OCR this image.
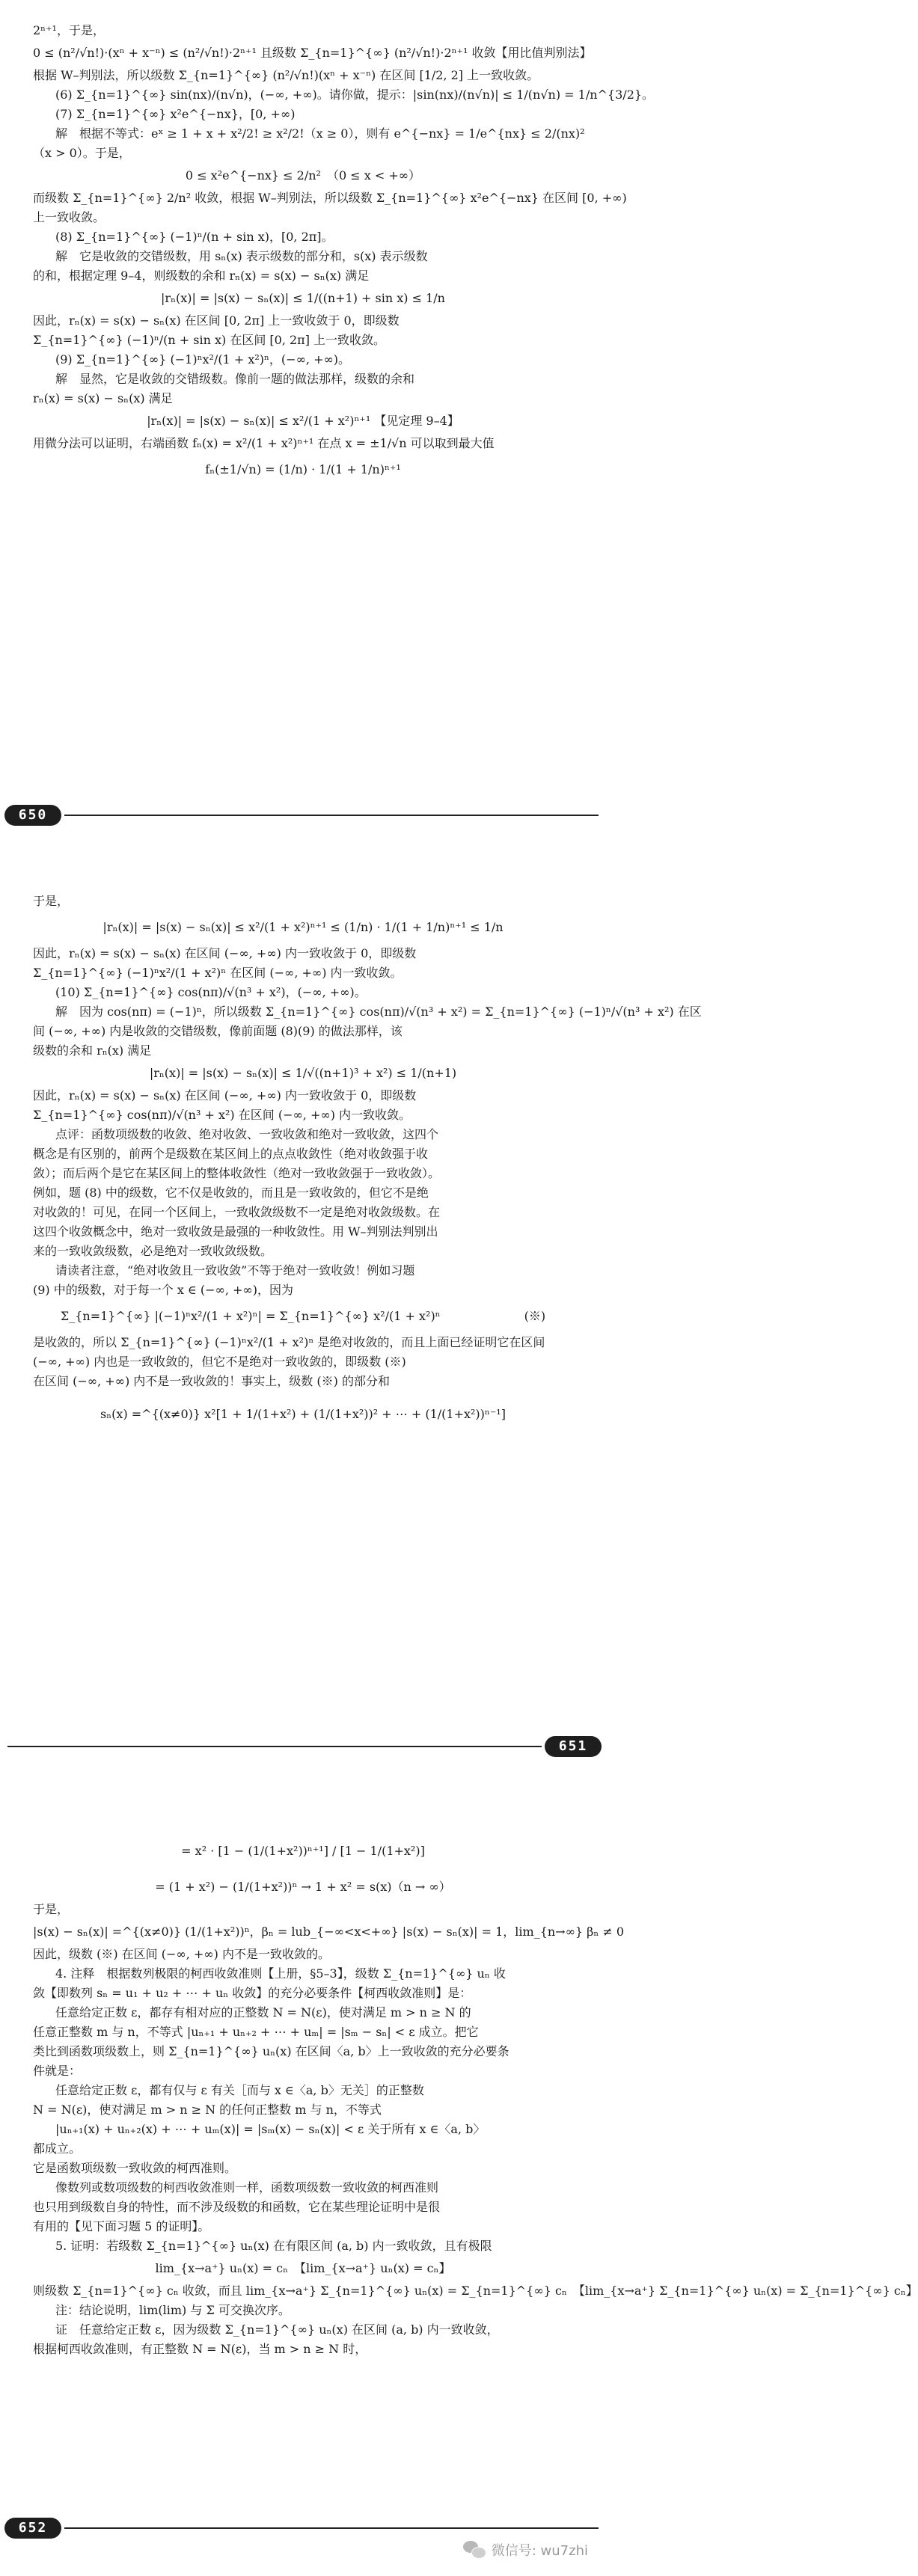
2ⁿ⁺¹，于是，
0 ≤ (n²/√n!)·(xⁿ + x⁻ⁿ) ≤ (n²/√n!)·2ⁿ⁺¹ 且级数 Σ_{n=1}^{∞} (n²/√n!)·2ⁿ⁺¹ 收敛【用比值判别法】
根据 W–判别法，所以级数 Σ_{n=1}^{∞} (n²/√n!)(xⁿ + x⁻ⁿ) 在区间 [1/2, 2] 上一致收敛。
(6) Σ_{n=1}^{∞} sin(nx)/(n√n)，(−∞, +∞)。请你做，提示：|sin(nx)/(n√n)| ≤ 1/(n√n) = 1/n^{3/2}。
(7) Σ_{n=1}^{∞} x²e^{−nx}，[0, +∞)
解　根据不等式：eˣ ≥ 1 + x + x²/2! ≥ x²/2!（x ≥ 0），则有 e^{−nx} = 1/e^{nx} ≤ 2/(nx)²
（x > 0）。于是，
0 ≤ x²e^{−nx} ≤ 2/n²　（0 ≤ x < +∞）
而级数 Σ_{n=1}^{∞} 2/n² 收敛，根据 W–判别法，所以级数 Σ_{n=1}^{∞} x²e^{−nx} 在区间 [0, +∞)
上一致收敛。
(8) Σ_{n=1}^{∞} (−1)ⁿ/(n + sin x)，[0, 2π]。
解　它是收敛的交错级数，用 sₙ(x) 表示级数的部分和，s(x) 表示级数
的和，根据定理 9–4，则级数的余和 rₙ(x) = s(x) − sₙ(x) 满足
|rₙ(x)| = |s(x) − sₙ(x)| ≤ 1/((n+1) + sin x) ≤ 1/n
因此，rₙ(x) = s(x) − sₙ(x) 在区间 [0, 2π] 上一致收敛于 0，即级数
Σ_{n=1}^{∞} (−1)ⁿ/(n + sin x) 在区间 [0, 2π] 上一致收敛。
(9) Σ_{n=1}^{∞} (−1)ⁿx²/(1 + x²)ⁿ，(−∞, +∞)。
解　显然，它是收敛的交错级数。像前一题的做法那样，级数的余和
rₙ(x) = s(x) − sₙ(x) 满足
|rₙ(x)| = |s(x) − sₙ(x)| ≤ x²/(1 + x²)ⁿ⁺¹ 【见定理 9–4】
用微分法可以证明，右端函数 fₙ(x) = x²/(1 + x²)ⁿ⁺¹ 在点 x = ±1/√n 可以取到最大值
fₙ(±1/√n) = (1/n) · 1/(1 + 1/n)ⁿ⁺¹
650
于是，
|rₙ(x)| = |s(x) − sₙ(x)| ≤ x²/(1 + x²)ⁿ⁺¹ ≤ (1/n) · 1/(1 + 1/n)ⁿ⁺¹ ≤ 1/n
因此，rₙ(x) = s(x) − sₙ(x) 在区间 (−∞, +∞) 内一致收敛于 0，即级数
Σ_{n=1}^{∞} (−1)ⁿx²/(1 + x²)ⁿ 在区间 (−∞, +∞) 内一致收敛。
(10) Σ_{n=1}^{∞} cos(nπ)/√(n³ + x²)，(−∞, +∞)。
解　因为 cos(nπ) = (−1)ⁿ，所以级数 Σ_{n=1}^{∞} cos(nπ)/√(n³ + x²) = Σ_{n=1}^{∞} (−1)ⁿ/√(n³ + x²) 在区
间 (−∞, +∞) 内是收敛的交错级数，像前面题 (8)(9) 的做法那样，该
级数的余和 rₙ(x) 满足
|rₙ(x)| = |s(x) − sₙ(x)| ≤ 1/√((n+1)³ + x²) ≤ 1/(n+1)
因此，rₙ(x) = s(x) − sₙ(x) 在区间 (−∞, +∞) 内一致收敛于 0，即级数
Σ_{n=1}^{∞} cos(nπ)/√(n³ + x²) 在区间 (−∞, +∞) 内一致收敛。
点评：函数项级数的收敛、绝对收敛、一致收敛和绝对一致收敛，这四个
概念是有区别的，前两个是级数在某区间上的点点收敛性（绝对收敛强于收
敛）；而后两个是它在某区间上的整体收敛性（绝对一致收敛强于一致收敛）。
例如，题 (8) 中的级数，它不仅是收敛的，而且是一致收敛的，但它不是绝
对收敛的！可见，在同一个区间上，一致收敛级数不一定是绝对收敛级数。在
这四个收敛概念中，绝对一致收敛是最强的一种收敛性。用 W–判别法判别出
来的一致收敛级数，必是绝对一致收敛级数。
请读者注意，“绝对收敛且一致收敛”不等于绝对一致收敛！例如习题
(9) 中的级数，对于每一个 x ∈ (−∞, +∞)，因为
Σ_{n=1}^{∞} |(−1)ⁿx²/(1 + x²)ⁿ| = Σ_{n=1}^{∞} x²/(1 + x²)ⁿ　　　　　　　(※)
是收敛的，所以 Σ_{n=1}^{∞} (−1)ⁿx²/(1 + x²)ⁿ 是绝对收敛的，而且上面已经证明它在区间
(−∞, +∞) 内也是一致收敛的，但它不是绝对一致收敛的，即级数 (※)
在区间 (−∞, +∞) 内不是一致收敛的！事实上，级数 (※) 的部分和
sₙ(x) =^{(x≠0)} x²[1 + 1/(1+x²) + (1/(1+x²))² + ⋯ + (1/(1+x²))ⁿ⁻¹]
651
= x² · [1 − (1/(1+x²))ⁿ⁺¹] / [1 − 1/(1+x²)]
= (1 + x²) − (1/(1+x²))ⁿ → 1 + x² = s(x)（n → ∞）
于是，
|s(x) − sₙ(x)| =^{(x≠0)} (1/(1+x²))ⁿ，βₙ = lub_{−∞<x<+∞} |s(x) − sₙ(x)| = 1，lim_{n→∞} βₙ ≠ 0
因此，级数 (※) 在区间 (−∞, +∞) 内不是一致收敛的。
4. 注释　根据数列极限的柯西收敛准则【上册，§5–3】，级数 Σ_{n=1}^{∞} uₙ 收
敛【即数列 sₙ = u₁ + u₂ + ⋯ + uₙ 收敛】的充分必要条件【柯西收敛准则】是：
任意给定正数 ε，都存有相对应的正整数 N = N(ε)，使对满足 m > n ≥ N 的
任意正整数 m 与 n，不等式 |uₙ₊₁ + uₙ₊₂ + ⋯ + uₘ| = |sₘ − sₙ| < ε 成立。把它
类比到函数项级数上，则 Σ_{n=1}^{∞} uₙ(x) 在区间〈a, b〉上一致收敛的充分必要条
件就是：
任意给定正数 ε，都有仅与 ε 有关［而与 x ∈〈a, b〉无关］的正整数
N = N(ε)，使对满足 m > n ≥ N 的任何正整数 m 与 n，不等式
|uₙ₊₁(x) + uₙ₊₂(x) + ⋯ + uₘ(x)| = |sₘ(x) − sₙ(x)| < ε 关于所有 x ∈〈a, b〉
都成立。
它是函数项级数一致收敛的柯西准则。
像数列或数项级数的柯西收敛准则一样，函数项级数一致收敛的柯西准则
也只用到级数自身的特性，而不涉及级数的和函数，它在某些理论证明中是很
有用的【见下面习题 5 的证明】。
5. 证明：若级数 Σ_{n=1}^{∞} uₙ(x) 在有限区间 (a, b) 内一致收敛，且有极限
lim_{x→a⁺} uₙ(x) = cₙ　【lim_{x→a⁺} uₙ(x) = cₙ】
则级数 Σ_{n=1}^{∞} cₙ 收敛，而且 lim_{x→a⁺} Σ_{n=1}^{∞} uₙ(x) = Σ_{n=1}^{∞} cₙ　【lim_{x→a⁺} Σ_{n=1}^{∞} uₙ(x) = Σ_{n=1}^{∞} cₙ】
注：结论说明，lim(lim) 与 Σ 可交换次序。
证　任意给定正数 ε，因为级数 Σ_{n=1}^{∞} uₙ(x) 在区间 (a, b) 内一致收敛，
根据柯西收敛准则，有正整数 N = N(ε)，当 m > n ≥ N 时，
652
微信号: wu7zhi
